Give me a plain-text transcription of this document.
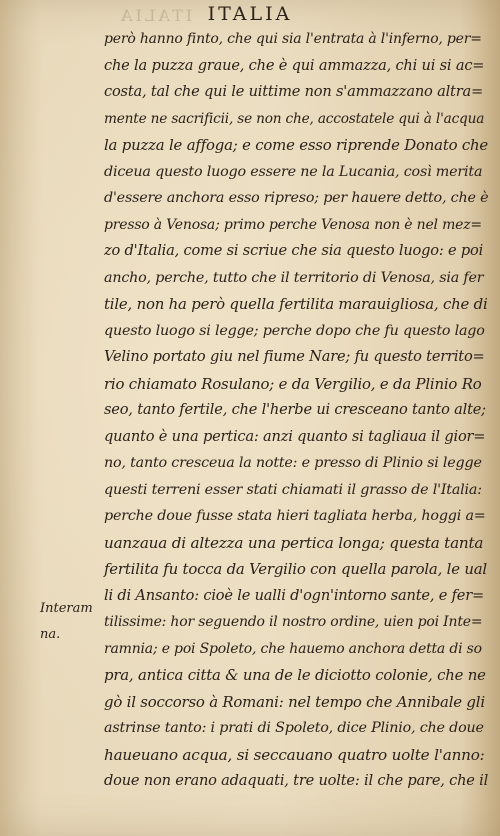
ITALIA ITALIA
Interam
na.
però hanno finto, che qui sia l'entrata à l'inferno, per=
che la puzza graue, che è qui ammazza, chi ui si ac=
costa, tal che qui le uittime non s'ammazzano altra=
mente ne sacrificii, se non che, accostatele qui à l'acqua
la puzza le affoga; e come esso riprende Donato che
diceua questo luogo essere ne la Lucania, così merita
d'essere anchora esso ripreso; per hauere detto, che è
presso à Venosa; primo perche Venosa non è nel mez=
zo d'Italia, come si scriue che sia questo luogo: e poi
ancho, perche, tutto che il territorio di Venosa, sia fer
tile, non ha però quella fertilita marauigliosa, che di
questo luogo si legge; perche dopo che fu questo lago
Velino portato giu nel fiume Nare; fu questo territo=
rio chiamato Rosulano; e da Vergilio, e da Plinio Ro
seo, tanto fertile, che l'herbe ui cresceano tanto alte;
quanto è una pertica: anzi quanto si tagliaua il gior=
no, tanto cresceua la notte: e presso di Plinio si legge
questi terreni esser stati chiamati il grasso de l'Italia:
perche doue fusse stata hieri tagliata herba, hoggi a=
uanzaua di altezza una pertica longa; questa tanta
fertilita fu tocca da Vergilio con quella parola, le ual
li di Ansanto: cioè le ualli d'ogn'intorno sante, e fer=
tilissime: hor seguendo il nostro ordine, uien poi Inte=
ramnia; e poi Spoleto, che hauemo anchora detta di so
pra, antica citta & una de le diciotto colonie, che ne
gò il soccorso à Romani: nel tempo che Annibale gli
astrinse tanto: i prati di Spoleto, dice Plinio, che doue
haueuano acqua, si seccauano quatro uolte l'anno:
doue non erano adaquati, tre uolte: il che pare, che il
